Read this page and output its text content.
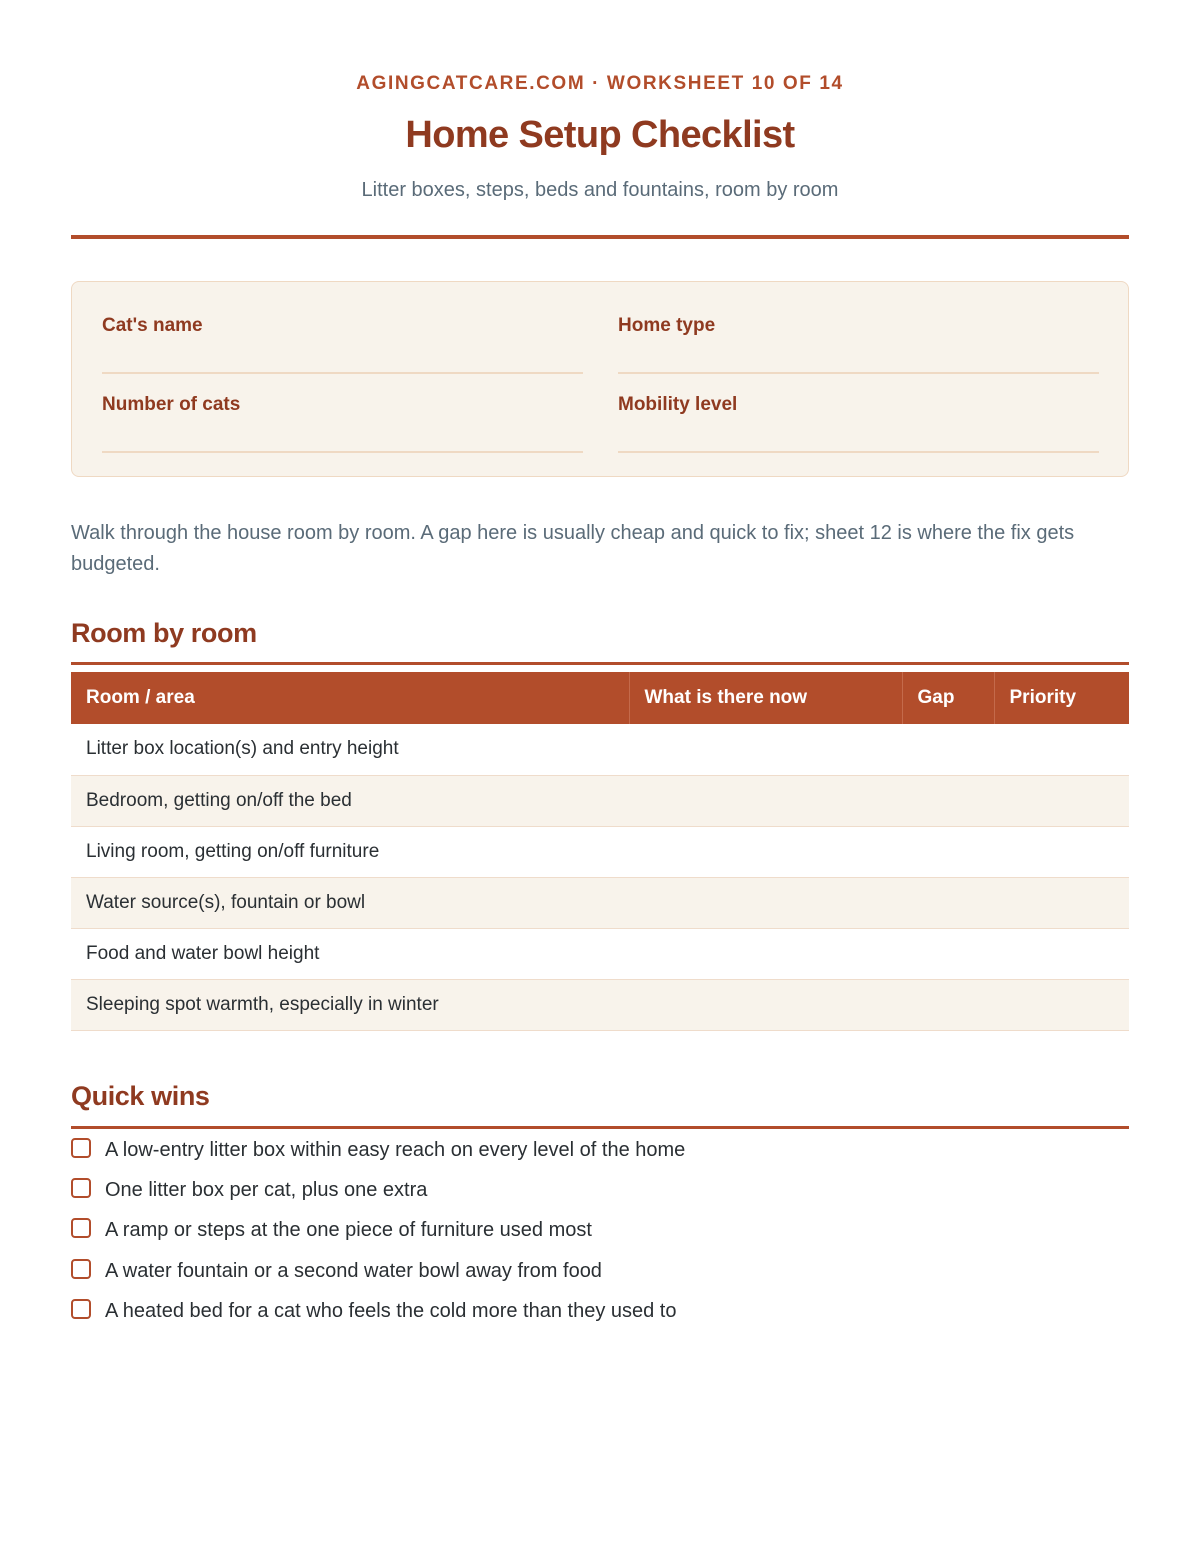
AGINGCATCARE.COM · WORKSHEET 10 OF 14
Home Setup Checklist
Litter boxes, steps, beds and fountains, room by room
Cat's name	Home type
Number of cats	Mobility level

Walk through the house room by room. A gap here is usually cheap and quick to fix; sheet 12 is where the fix gets budgeted.

Room by room
Room / area	What is there now	Gap	Priority
Litter box location(s) and entry height			
Bedroom, getting on/off the bed			
Living room, getting on/off furniture			
Water source(s), fountain or bowl			
Food and water bowl height			
Sleeping spot warmth, especially in winter			
Quick wins
A low-entry litter box within easy reach on every level of the home
One litter box per cat, plus one extra
A ramp or steps at the one piece of furniture used most
A water fountain or a second water bowl away from food
A heated bed for a cat who feels the cold more than they used to
